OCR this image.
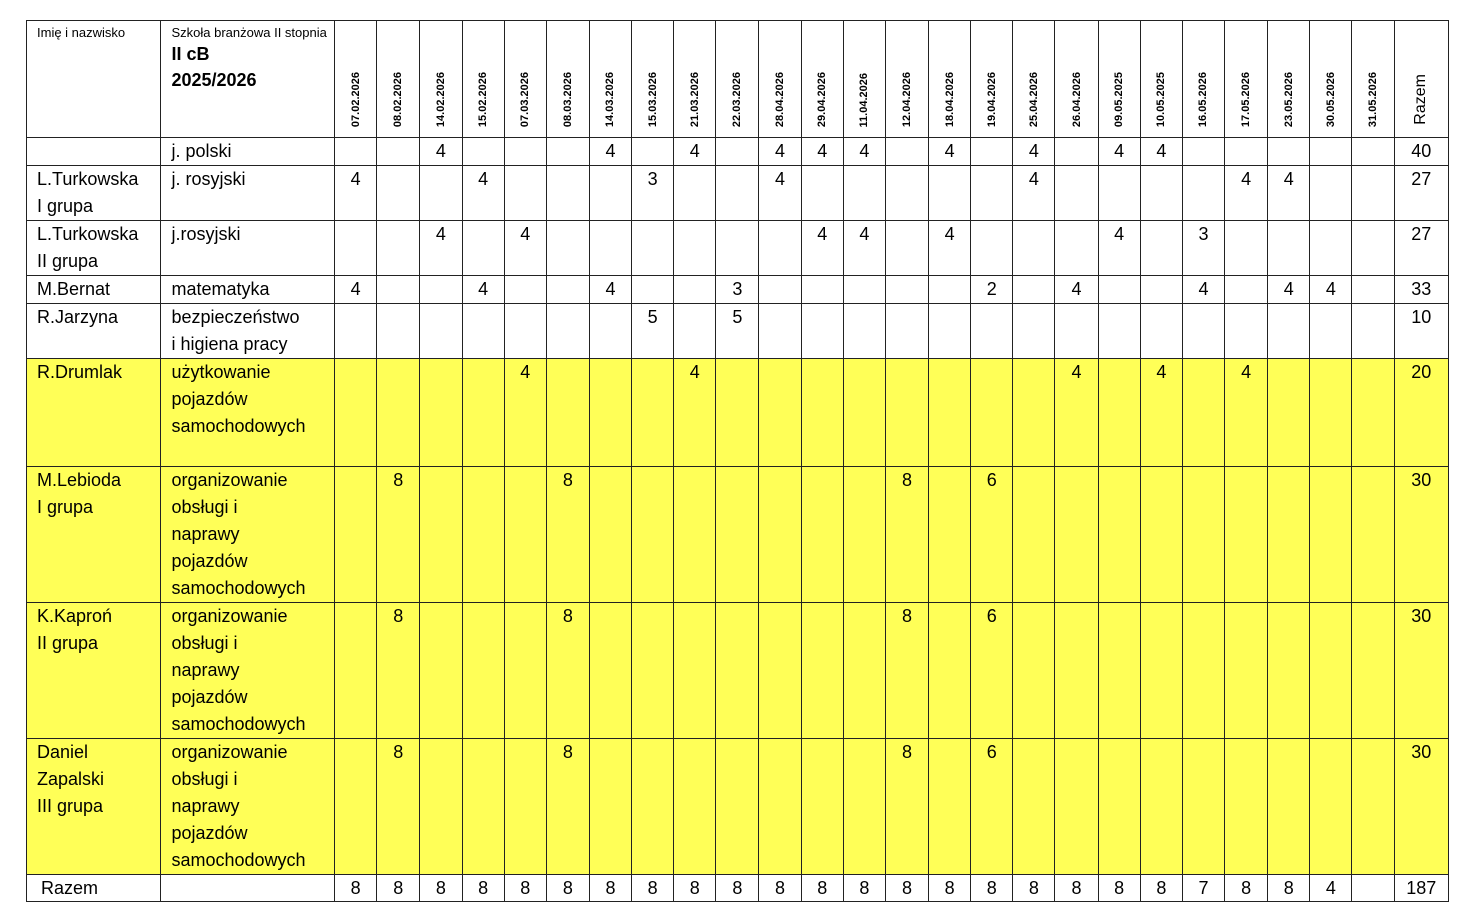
Imię i nazwisko	Szkoła branżowa II stopnia
II cB
2025/2026	07.02.2026	08.02.2026	14.02.2026	15.02.2026	07.03.2026	08.03.2026	14.03.2026	15.03.2026	21.03.2026	22.03.2026	28.04.2026	29.04.2026	11.04.2026	12.04.2026	18.04.2026	19.04.2026	25.04.2026	26.04.2026	09.05.2025	10.05.2025	16.05.2026	17.05.2026	23.05.2026	30.05.2026	31.05.2026	Razem

	j. polski			4				4		4		4	4	4		4		4		4	4						40
L.Turkowska
I grupa	j. rosyjski	4			4				3			4						4					4	4			27
L.Turkowska
II grupa	j.rosyjski			4		4							4	4		4				4		3					27
M.Bernat	matematyka	4			4			4			3						2		4			4		4	4		33
R.Jarzyna	bezpieczeństwo
i higiena pracy								5		5																10
R.Drumlak	użytkowanie
pojazdów
samochodowych					4				4									4		4		4				20
M.Lebioda
I grupa	organizowanie
obsługi i
naprawy
pojazdów
samochodowych		8				8								8		6										30
K.Kaproń
II grupa	organizowanie
obsługi i
naprawy
pojazdów
samochodowych		8				8								8		6										30
Daniel
Zapalski
III grupa	organizowanie
obsługi i
naprawy
pojazdów
samochodowych		8				8								8		6										30
Razem		8	8	8	8	8	8	8	8	8	8	8	8	8	8	8	8	8	8	8	8	7	8	8	4		187
